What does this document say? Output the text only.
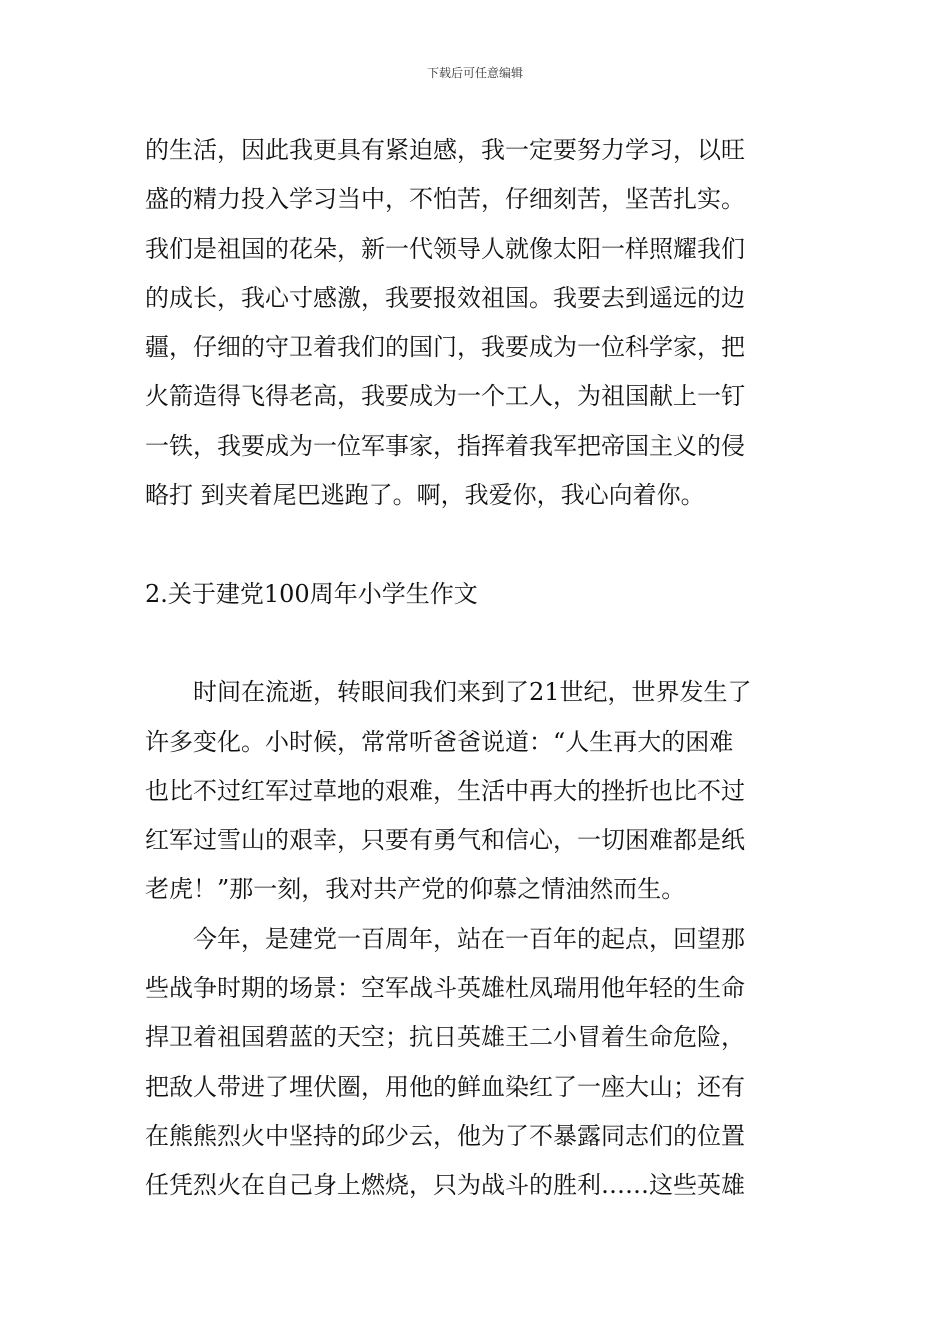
下载后可任意编辑
的生活，因此我更具有紧迫感，我一定要努力学习，以旺
盛的精力投入学习当中，不怕苦，仔细刻苦，坚苦扎实。
我们是祖国的花朵，新一代领导人就像太阳一样照耀我们
的成长，我心寸感激，我要报效祖国。我要去到遥远的边
疆，仔细的守卫着我们的国门，我要成为一位科学家，把
火箭造得飞得老高，我要成为一个工人，为祖国献上一钉
一铁，我要成为一位军事家，指挥着我军把帝国主义的侵
略打 到夹着尾巴逃跑了。啊，我爱你，我心向着你。
2.关于建党100周年小学生作文
时间在流逝，转眼间我们来到了21世纪，世界发生了
许多变化。小时候，常常听爸爸说道：“人生再大的困难
也比不过红军过草地的艰难，生活中再大的挫折也比不过
红军过雪山的艰幸，只要有勇气和信心，一切困难都是纸
老虎！”那一刻，我对共产党的仰慕之情油然而生。
今年，是建党一百周年，站在一百年的起点，回望那
些战争时期的场景：空军战斗英雄杜凤瑞用他年轻的生命
捍卫着祖国碧蓝的天空；抗日英雄王二小冒着生命危险，
把敌人带进了埋伏圈，用他的鲜血染红了一座大山；还有
在熊熊烈火中坚持的邱少云，他为了不暴露同志们的位置
任凭烈火在自己身上燃烧，只为战斗的胜利……这些英雄
